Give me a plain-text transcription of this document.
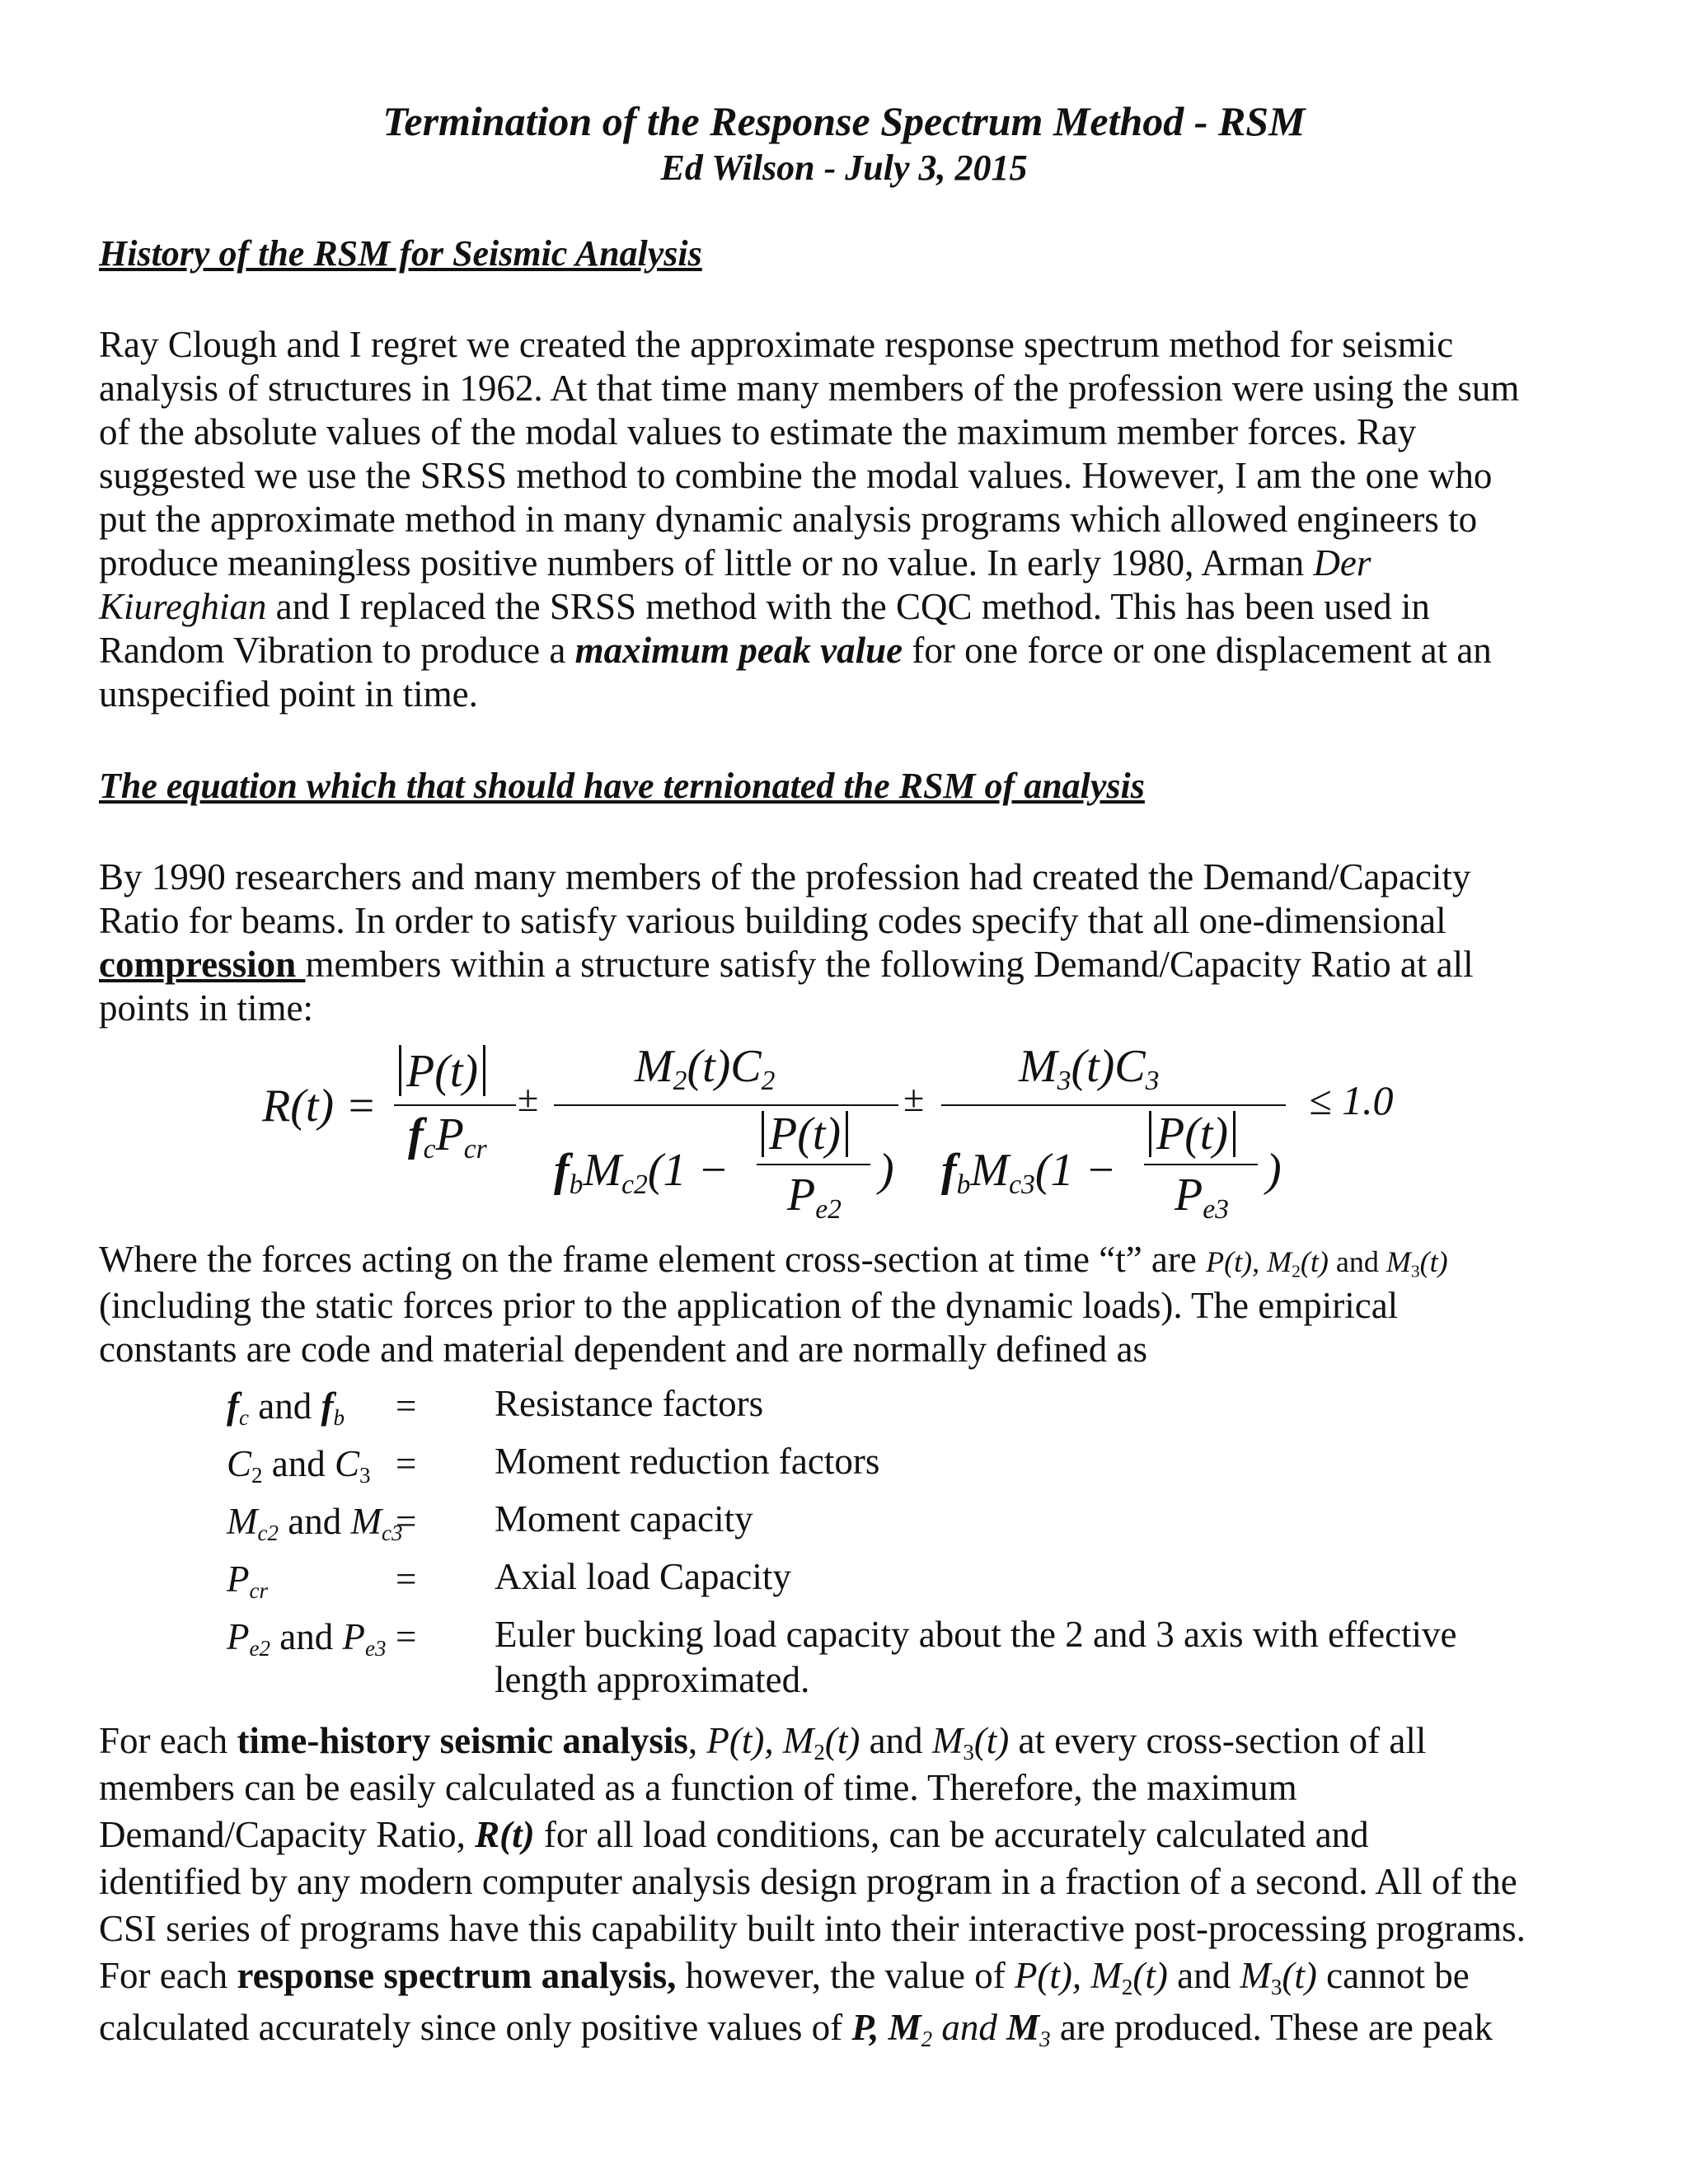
Termination of the Response Spectrum Method - RSM
Ed Wilson - July 3, 2015
History of the RSM for Seismic Analysis
Ray Clough and I regret we created the approximate response spectrum method for seismic
analysis of structures in 1962. At that time many members of the profession were using the sum
of the absolute values of the modal values to estimate the maximum member forces. Ray
suggested we use the SRSS method to combine the modal values. However, I am the one who
put the approximate method in many dynamic analysis programs which allowed engineers to
produce meaningless positive numbers of little or no value. In early 1980, Arman Der
Kiureghian and I replaced the SRSS method with the CQC method. This has been used in
Random Vibration to produce a maximum peak value for one force or one displacement at an
unspecified point in time.
The equation which that should have ternionated the RSM of analysis
By 1990 researchers and many members of the profession had created the Demand/Capacity
Ratio for beams. In order to satisfy various building codes specify that all one-dimensional
compression members within a structure satisfy the following Demand/Capacity Ratio at all
points in time:
R(t) =
P(t)
$f_cP_{cr}$
±
$M_2(t)C_2$
$f_bM_{c2}(1$ −
P(t)
$P_{e2}$
)
±
$M_3(t)C_3$
$f_bM_{c3}(1$ −
P(t)
$P_{e3}$
)
≤ 1.0
Where the forces acting on the frame element cross-section at time “t” are P(t), $M_2(t)$ and $M_3(t)$
(including the static forces prior to the application of the dynamic loads). The empirical
constants are code and material dependent and are normally defined as
$f_c$ and $f_b$ = Resistance factors
$C_2$ and $C_3$ = Moment reduction factors
$M_{c2}$ and $M_{c3}$
= Moment capacity
$P_{cr}$	= Axial load Capacity
$P_{e2}$ and $P_{e3}$ = Euler bucking load capacity about the 2 and 3 axis with effective
length approximated.
For each time-history seismic analysis, P(t), $M_2(t)$ and $M_3(t)$ at every cross-section of all
members can be easily calculated as a function of time. Therefore, the maximum
Demand/Capacity Ratio, R(t) for all load conditions, can be accurately calculated and
identified by any modern computer analysis design program in a fraction of a second. All of the
CSI series of programs have this capability built into their interactive post-processing programs.
For each response spectrum analysis, however, the value of P(t), $M_2(t)$ and $M_3(t)$ cannot be
calculated accurately since only positive values of P, $M_2$ and $M_3$ are produced. These are peak
